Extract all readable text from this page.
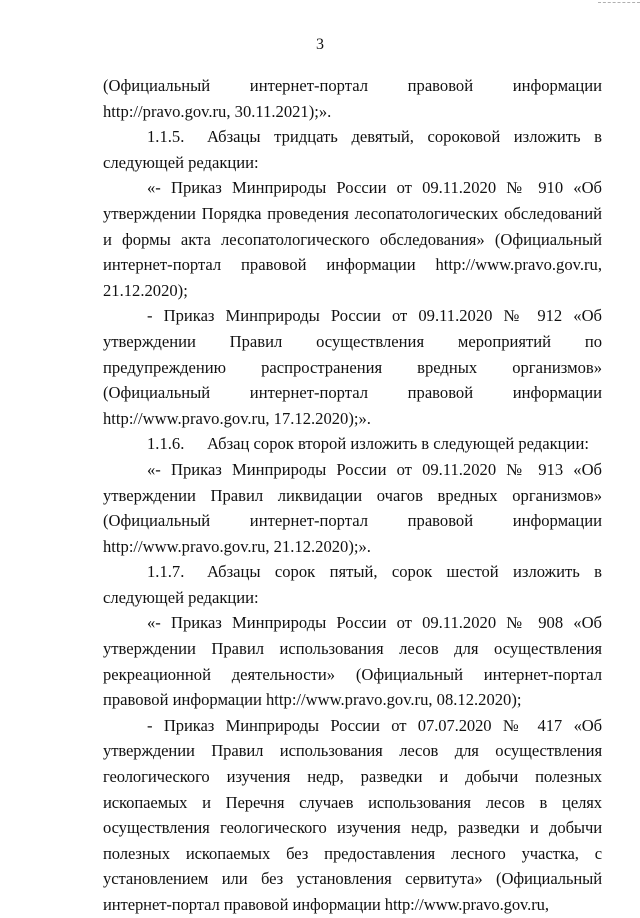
3

(Официальный интернет-портал правовой информации http://pravo.gov.ru, 30.11.2021);».

1.1.5. Абзацы тридцать девятый, сороковой изложить в следующей редакции:

«- Приказ Минприроды России от 09.11.2020 № 910 «Об утверждении Порядка проведения лесопатологических обследований и формы акта лесопатологического обследования» (Официальный интернет-портал правовой информации http://www.pravo.gov.ru, 21.12.2020);

- Приказ Минприроды России от 09.11.2020 № 912 «Об утверждении Правил осуществления мероприятий по предупреждению распространения вредных организмов» (Официальный интернет-портал правовой информации http://www.pravo.gov.ru, 17.12.2020);».

1.1.6. Абзац сорок второй изложить в следующей редакции:

«- Приказ Минприроды России от 09.11.2020 № 913 «Об утверждении Правил ликвидации очагов вредных организмов» (Официальный интернет-портал правовой информации http://www.pravo.gov.ru, 21.12.2020);».

1.1.7. Абзацы сорок пятый, сорок шестой изложить в следующей редакции:

«- Приказ Минприроды России от 09.11.2020 № 908 «Об утверждении Правил использования лесов для осуществления рекреационной деятельности» (Официальный интернет-портал правовой информации http://www.pravo.gov.ru, 08.12.2020);

- Приказ Минприроды России от 07.07.2020 № 417 «Об утверждении Правил использования лесов для осуществления геологического изучения недр, разведки и добычи полезных ископаемых и Перечня случаев использования лесов в целях осуществления геологического изучения недр, разведки и добычи полезных ископаемых без предоставления лесного участка, с установлением или без установления сервитута» (Официальный интернет-портал правовой информации http://www.pravo.gov.ru,
